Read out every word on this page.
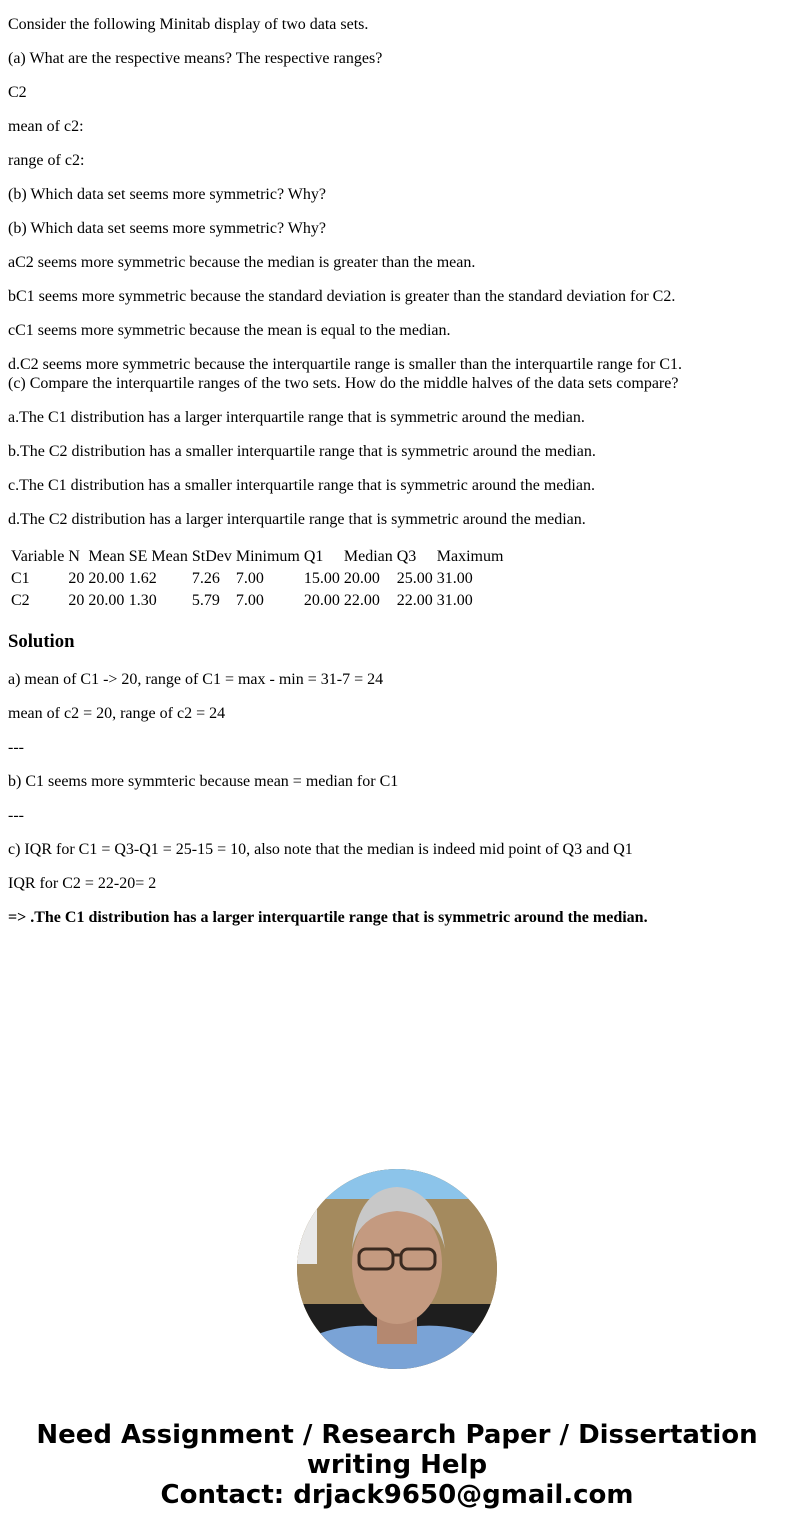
Consider the following Minitab display of two data sets.

(a) What are the respective means? The respective ranges?

C2

mean of c2:

range of c2:

(b) Which data set seems more symmetric? Why?

(b) Which data set seems more symmetric? Why?

aC2 seems more symmetric because the median is greater than the mean.

bC1 seems more symmetric because the standard deviation is greater than the standard deviation for C2.

cC1 seems more symmetric because the mean is equal to the median.

d.C2 seems more symmetric because the interquartile range is smaller than the interquartile range for C1.

(c) Compare the interquartile ranges of the two sets. How do the middle halves of the data sets compare?

a.The C1 distribution has a larger interquartile range that is symmetric around the median.

b.The C2 distribution has a smaller interquartile range that is symmetric around the median.

c.The C1 distribution has a smaller interquartile range that is symmetric around the median.

d.The C2 distribution has a larger interquartile range that is symmetric around the median.

Variable	N	Mean	SE Mean	StDev	Minimum	Q1	Median	Q3	Maximum
C1	20	20.00	1.62	7.26	7.00	15.00	20.00	25.00	31.00
C2	20	20.00	1.30	5.79	7.00	20.00	22.00	22.00	31.00
Solution

a) mean of C1 -> 20, range of C1 = max - min = 31-7 = 24

mean of c2 = 20, range of c2 = 24

---

b) C1 seems more symmteric because mean = median for C1

---

c) IQR for C1 = Q3-Q1 = 25-15 = 10, also note that the median is indeed mid point of Q3 and Q1

IQR for C2 = 22-20= 2

=> .The C1 distribution has a larger interquartile range that is symmetric around the median.

Need Assignment / Research Paper / Dissertation
writing Help
Contact: drjack9650@gmail.com
